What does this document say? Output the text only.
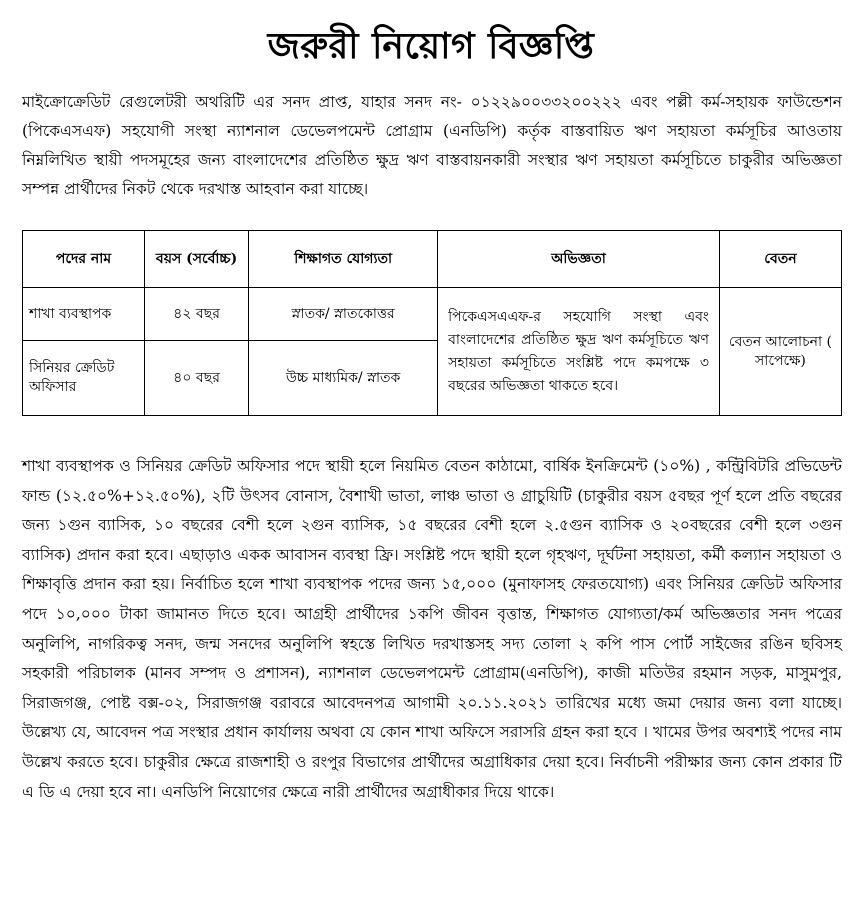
জরুরী নিয়োগ বিজ্ঞপ্তি
মাইক্রোক্রেডিট রেগুলেটরী অথরিটি এর সনদ প্রাপ্ত, যাহার সনদ নং- ০১২২৯০০৩৩২০০২২২ এবং পল্লী কর্ম-সহায়ক ফাউন্ডেশন (পিকেএসএফ) সহযোগী সংস্থা ন্যাশনাল ডেভেলপমেন্ট প্রোগ্রাম (এনডিপি) কর্তৃক বাস্তবায়িত ঋণ সহায়তা কর্মসূচির আওতায় নিম্নলিখিত স্থায়ী পদসমূহের জন্য বাংলাদেশের প্রতিষ্ঠিত ক্ষুদ্র ঋণ বাস্তবায়নকারী সংস্থার ঋণ সহায়তা কর্মসূচিতে চাকুরীর অভিজ্ঞতা সম্পন্ন প্রার্থীদের নিকট থেকে দরখাস্ত আহবান করা যাচ্ছে।
পদের নাম	বয়স (সর্বোচ্চ)	শিক্ষাগত যোগ্যতা	অভিজ্ঞতা	বেতন
শাখা ব্যবস্থাপক	৪২ বছর	স্নাতক/ স্নাতকোত্তর	পিকেএসএএফ-র সহযোগি সংস্থা এবং বাংলাদেশের প্রতিষ্ঠিত ক্ষুদ্র ঋণ কর্মসূচিতে ঋণ সহায়তা কর্মসূচিতে সংশ্লিষ্ট পদে কমপক্ষে ৩ বছরের অভিজ্ঞতা থাকতে হবে।	বেতন আলোচনা ( সাপেক্ষে)
সিনিয়র ক্রেডিট অফিসার	৪০ বছর	উচ্চ মাধ্যমিক/ স্নাতক		
শাখা ব্যবস্থাপক ও সিনিয়র ক্রেডিট অফিসার পদে স্থায়ী হলে নিয়মিত বেতন কাঠামো, বার্ষিক ইনক্রিমেন্ট (১০%) , কন্ট্রিবিটরি প্রভিডেন্ট ফান্ড (১২.৫০%+১২.৫০%), ২টি উৎসব বোনাস, বৈশাখী ভাতা, লাঞ্চ ভাতা ও গ্রাচুয়িটি (চাকুরীর বয়স ৫বছর পূর্ণ হলে প্রতি বছরের জন্য ১গুন ব্যাসিক, ১০ বছরের বেশী হলে ২গুন ব্যাসিক, ১৫ বছরের বেশী হলে ২.৫গুন ব্যাসিক ও ২০বছরের বেশী হলে ৩গুন ব্যাসিক) প্রদান করা হবে। এছাড়াও একক আবাসন ব্যবস্থা ফ্রি। সংশ্লিষ্ট পদে স্থায়ী হলে গৃহঋণ, দূর্ঘটনা সহায়তা, কর্মী কল্যান সহায়তা ও শিক্ষাবৃত্তি প্রদান করা হয়। নির্বাচিত হলে শাখা ব্যবস্থাপক পদের জন্য ১৫,০০০ (মুনাফাসহ ফেরতযোগ্য) এবং সিনিয়র ক্রেডিট অফিসার পদে ১০,০০০ টাকা জামানত দিতে হবে। আগ্রহী প্রার্থীদের ১কপি জীবন বৃত্তান্ত, শিক্ষাগত যোগ্যতা/কর্ম অভিজ্ঞতার সনদ পত্রের অনুলিপি, নাগরিকত্ব সনদ, জন্ম সনদের অনুলিপি স্বহস্তে লিখিত দরখাস্তসহ সদ্য তোলা ২ কপি পাস পোর্ট সাইজের রঙিন ছবিসহ সহকারী পরিচালক (মানব সম্পদ ও প্রশাসন), ন্যাশনাল ডেভেলপমেন্ট প্রোগ্রাম(এনডিপি), কাজী মতিউর রহমান সড়ক, মাসুমপুর, সিরাজগঞ্জ, পোষ্ট বক্স-০২, সিরাজগঞ্জ বরাবরে আবেদনপত্র আগামী ২০.১১.২০২১ তারিখের মধ্যে জমা দেয়ার জন্য বলা যাচ্ছে। উল্লেখ্য যে, আবেদন পত্র সংস্থার প্রধান কার্যালয় অথবা যে কোন শাখা অফিসে সরাসরি গ্রহন করা হবে । খামের উপর অবশ্যই পদের নাম উল্লেখ করতে হবে। চাকুরীর ক্ষেত্রে রাজশাহী ও রংপুর বিভাগের প্রার্থীদের অগ্রাধিকার দেয়া হবে। নির্বাচনী পরীক্ষার জন্য কোন প্রকার টি এ ডি এ দেয়া হবে না। এনডিপি নিয়োগের ক্ষেত্রে নারী প্রার্থীদের অগ্রাধীকার দিয়ে থাকে।
